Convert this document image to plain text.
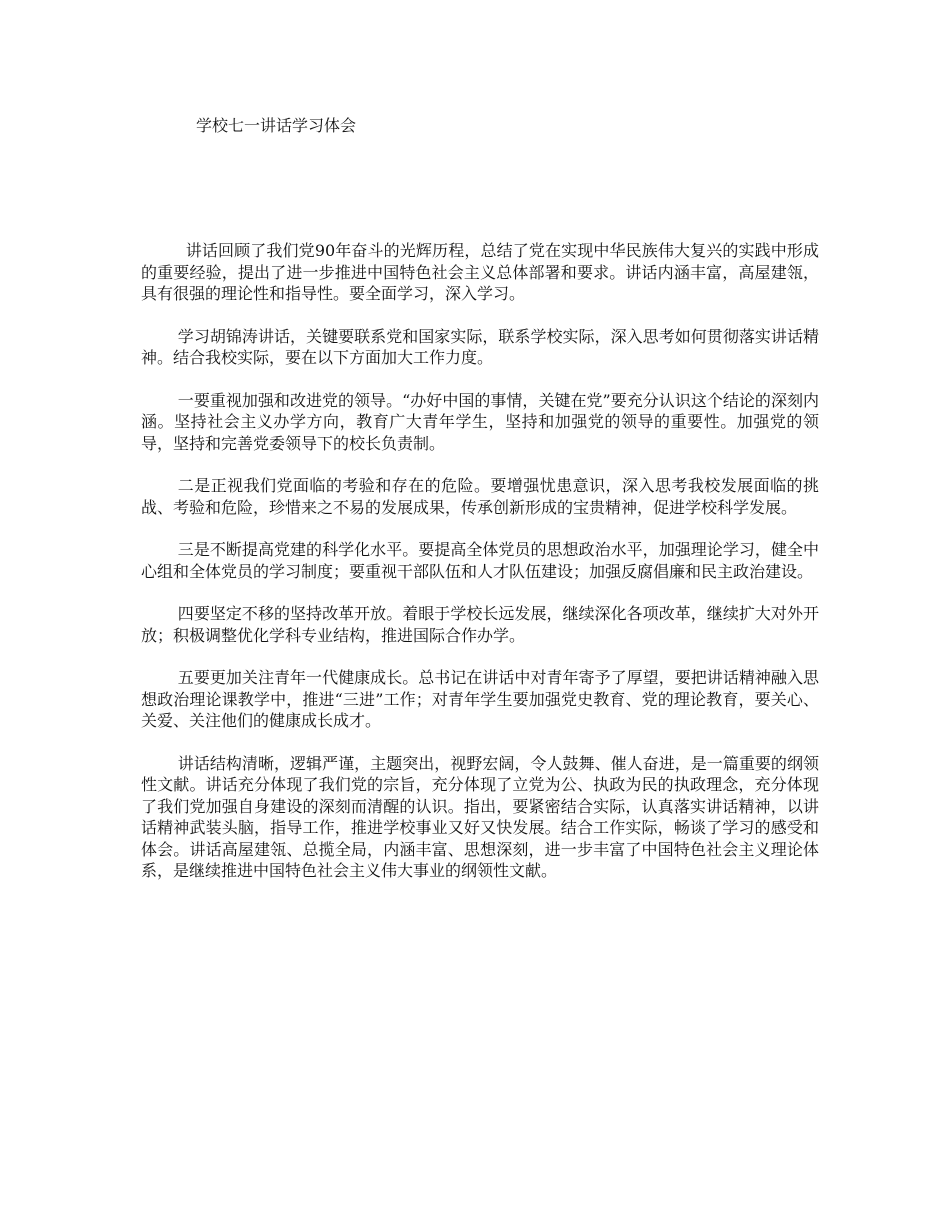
学校七一讲话学习体会

讲话回顾了我们党90年奋斗的光辉历程，总结了党在实现中华民族伟大复兴的实践中形成的重要经验，提出了进一步推进中国特色社会主义总体部署和要求。讲话内涵丰富，高屋建瓴，具有很强的理论性和指导性。要全面学习，深入学习。

学习胡锦涛讲话，关键要联系党和国家实际，联系学校实际，深入思考如何贯彻落实讲话精神。结合我校实际，要在以下方面加大工作力度。

一要重视加强和改进党的领导。“办好中国的事情，关键在党”要充分认识这个结论的深刻内涵。坚持社会主义办学方向，教育广大青年学生，坚持和加强党的领导的重要性。加强党的领导，坚持和完善党委领导下的校长负责制。

二是正视我们党面临的考验和存在的危险。要增强忧患意识，深入思考我校发展面临的挑战、考验和危险，珍惜来之不易的发展成果，传承创新形成的宝贵精神，促进学校科学发展。

三是不断提高党建的科学化水平。要提高全体党员的思想政治水平，加强理论学习，健全中心组和全体党员的学习制度；要重视干部队伍和人才队伍建设；加强反腐倡廉和民主政治建设。

四要坚定不移的坚持改革开放。着眼于学校长远发展，继续深化各项改革，继续扩大对外开放；积极调整优化学科专业结构，推进国际合作办学。

五要更加关注青年一代健康成长。总书记在讲话中对青年寄予了厚望，要把讲话精神融入思想政治理论课教学中，推进“三进”工作；对青年学生要加强党史教育、党的理论教育，要关心、关爱、关注他们的健康成长成才。

讲话结构清晰，逻辑严谨，主题突出，视野宏阔，令人鼓舞、催人奋进，是一篇重要的纲领性文献。讲话充分体现了我们党的宗旨，充分体现了立党为公、执政为民的执政理念，充分体现了我们党加强自身建设的深刻而清醒的认识。指出，要紧密结合实际，认真落实讲话精神，以讲话精神武装头脑，指导工作，推进学校事业又好又快发展。结合工作实际，畅谈了学习的感受和体会。讲话高屋建瓴、总揽全局，内涵丰富、思想深刻，进一步丰富了中国特色社会主义理论体系，是继续推进中国特色社会主义伟大事业的纲领性文献。
